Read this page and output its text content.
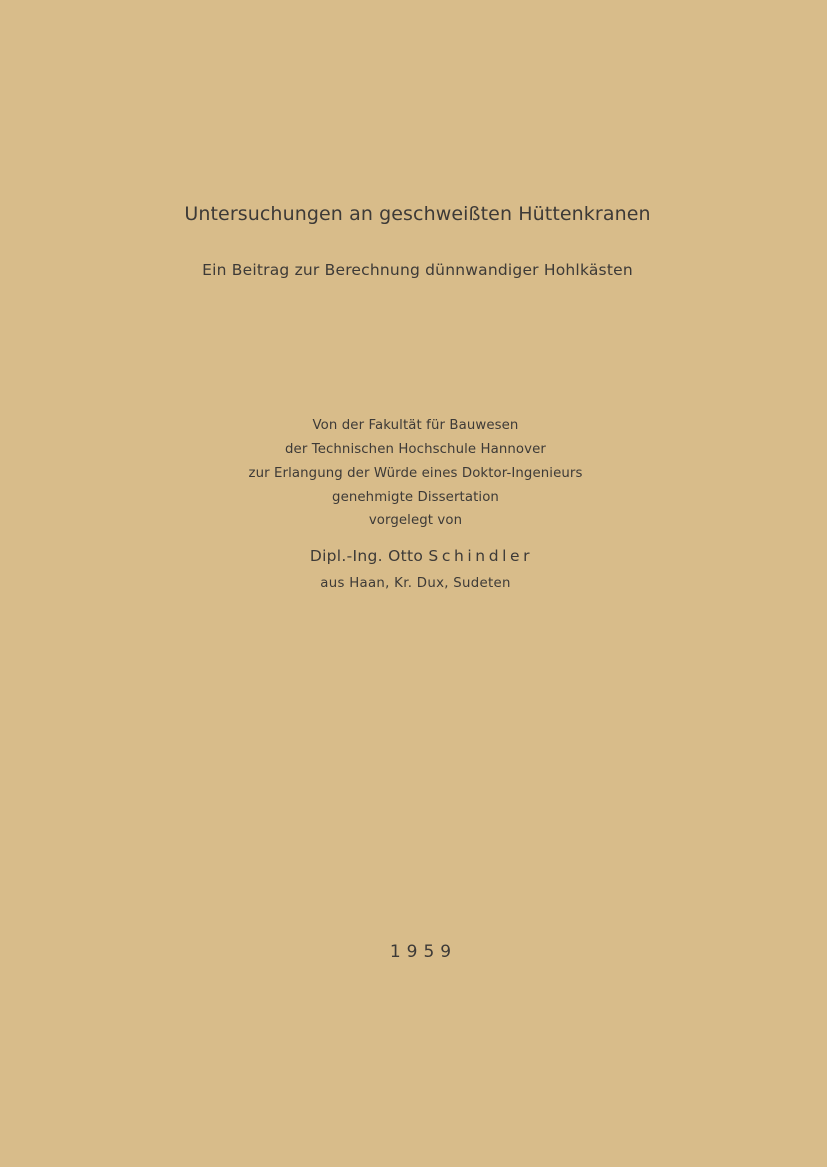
Untersuchungen an geschweißten Hüttenkranen
Ein Beitrag zur Berechnung dünnwandiger Hohlkästen
Von der Fakultät für Bauwesen
der Technischen Hochschule Hannover
zur Erlangung der Würde eines Doktor-Ingenieurs
genehmigte Dissertation
vorgelegt von
Dipl.-Ing. Otto Schindler
aus Haan, Kr. Dux, Sudeten
1959
